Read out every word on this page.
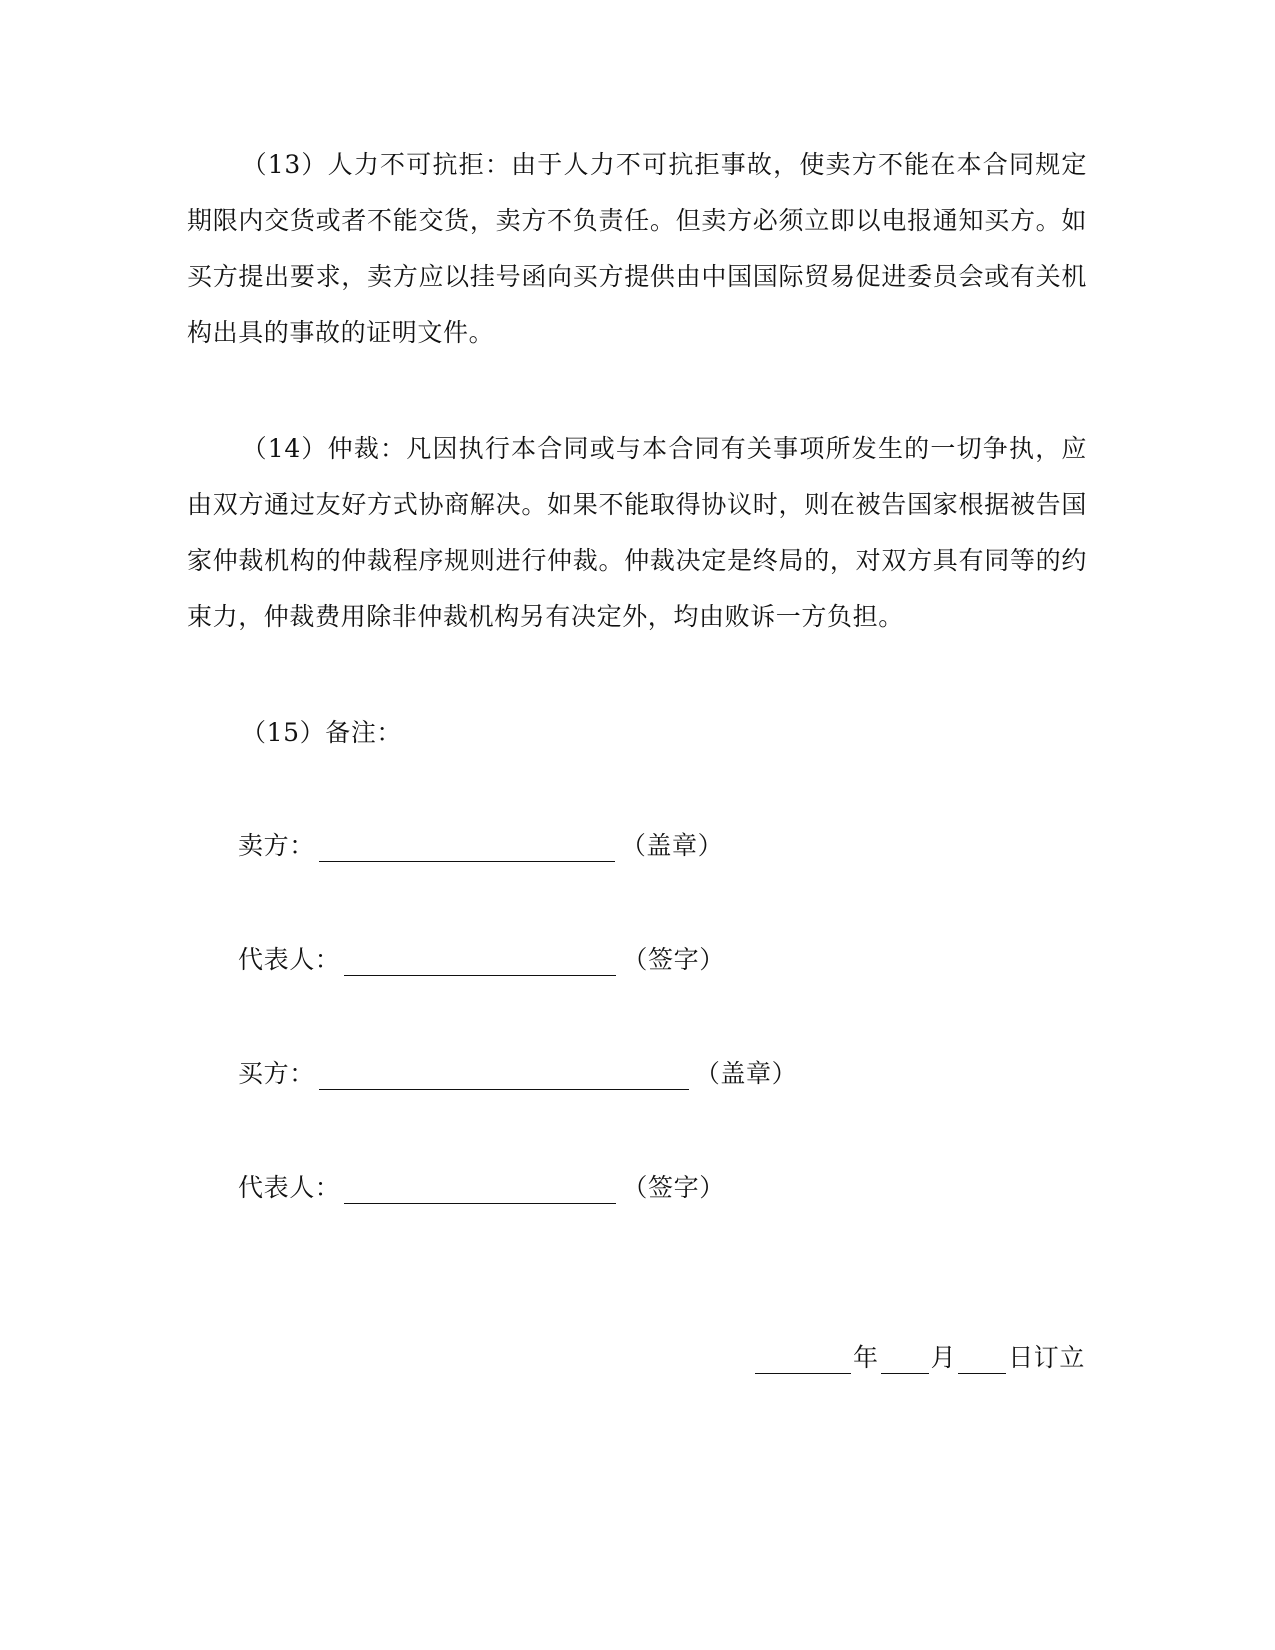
（13）人力不可抗拒：由于人力不可抗拒事故，使卖方不能在本合同规定期限内交货或者不能交货，卖方不负责任。但卖方必须立即以电报通知买方。如买方提出要求，卖方应以挂号函向买方提供由中国国际贸易促进委员会或有关机构出具的事故的证明文件。

（14）仲裁：凡因执行本合同或与本合同有关事项所发生的一切争执，应由双方通过友好方式协商解决。如果不能取得协议时，则在被告国家根据被告国家仲裁机构的仲裁程序规则进行仲裁。仲裁决定是终局的，对双方具有同等的约束力，仲裁费用除非仲裁机构另有决定外，均由败诉一方负担。

（15）备注：

卖方：	（盖章）
代表人：	（签字）
买方：	（盖章）
代表人：	（签字）
年 月 日订立
